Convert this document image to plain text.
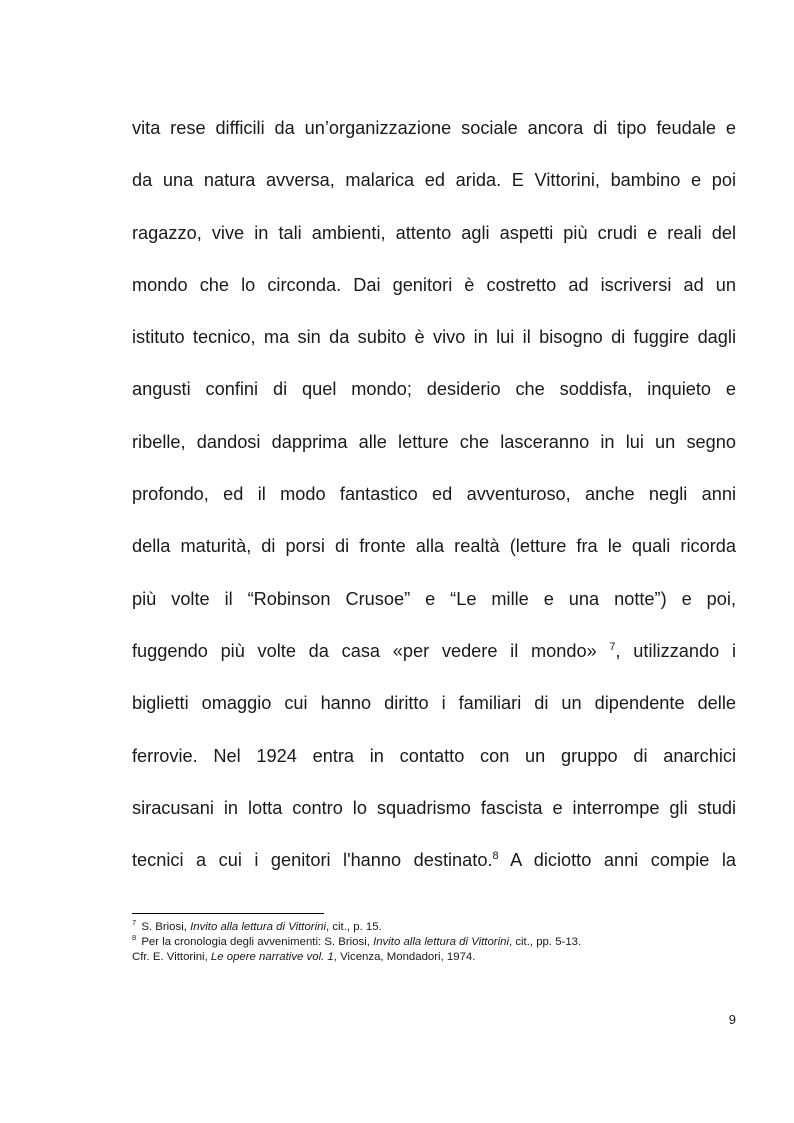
vita rese difficili da un’organizzazione sociale ancora di tipo feudale e
da una natura avversa, malarica ed arida. E Vittorini, bambino e poi
ragazzo, vive in tali ambienti, attento agli aspetti più crudi e reali del
mondo che lo circonda. Dai genitori è costretto ad iscriversi ad un
istituto tecnico, ma sin da subito è vivo in lui il bisogno di fuggire dagli
angusti confini di quel mondo; desiderio che soddisfa, inquieto e
ribelle, dandosi dapprima alle letture che lasceranno in lui un segno
profondo, ed il modo fantastico ed avventuroso, anche negli anni
della maturità, di porsi di fronte alla realtà (letture fra le quali ricorda
più volte il “Robinson Crusoe” e “Le mille e una notte”) e poi,
fuggendo più volte da casa «per vedere il mondo» $^7$, utilizzando i
biglietti omaggio cui hanno diritto i familiari di un dipendente delle
ferrovie. Nel 1924 entra in contatto con un gruppo di anarchici
siracusani in lotta contro lo squadrismo fascista e interrompe gli studi
tecnici a cui i genitori l'hanno destinato.$^8$ A diciotto anni compie la
$^7$ S. Briosi, Invito alla lettura di Vittorini, cit., p. 15.
$^8$ Per la cronologia degli avvenimenti: S. Briosi, Invito alla lettura di Vittorini, cit., pp. 5-13.
Cfr. E. Vittorini, Le opere narrative vol. 1, Vicenza, Mondadori, 1974.
9
